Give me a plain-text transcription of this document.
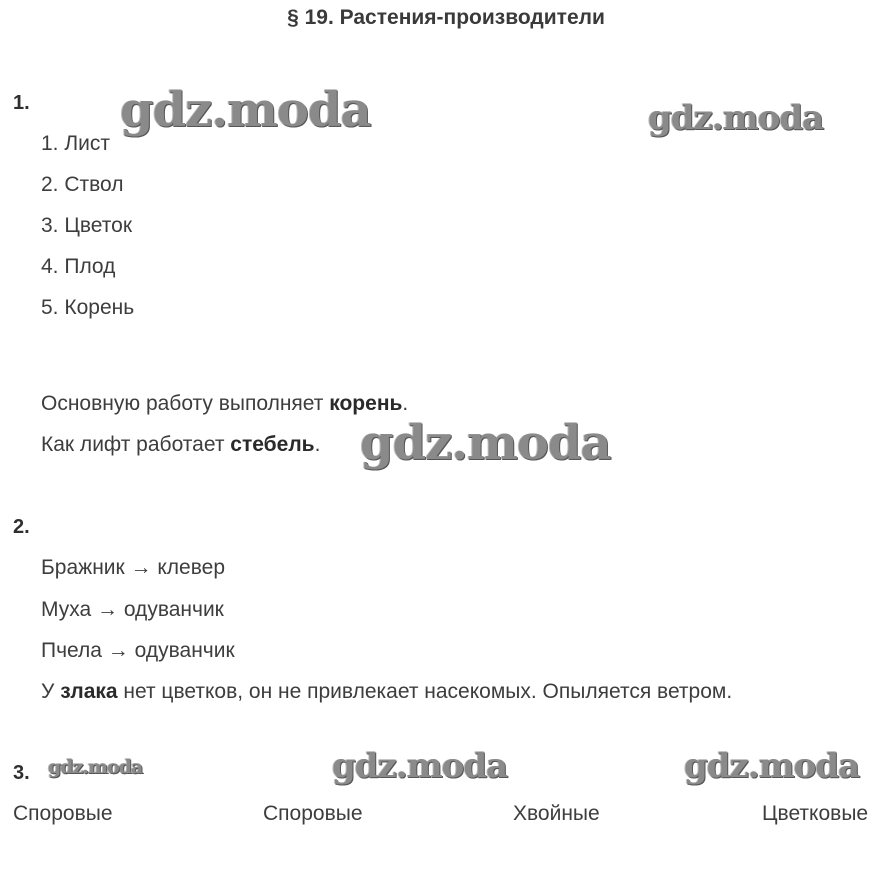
§ 19. Растения-производители
1. gdz.moda	gdz.moda
1. Лист
2. Ствол
3. Цветок
4. Плод
5. Корень
Основную работу выполняет корень.
Как лифт работает стебель. gdz.moda
2.
Бражник → клевер
Муха → одуванчик
Пчела → одуванчик
У злака нет цветков, он не привлекает насекомых. Опыляется ветром.
3. gdz.moda	gdz.moda	gdz.moda
Споровые	Споровые	Хвойные	Цветковые
